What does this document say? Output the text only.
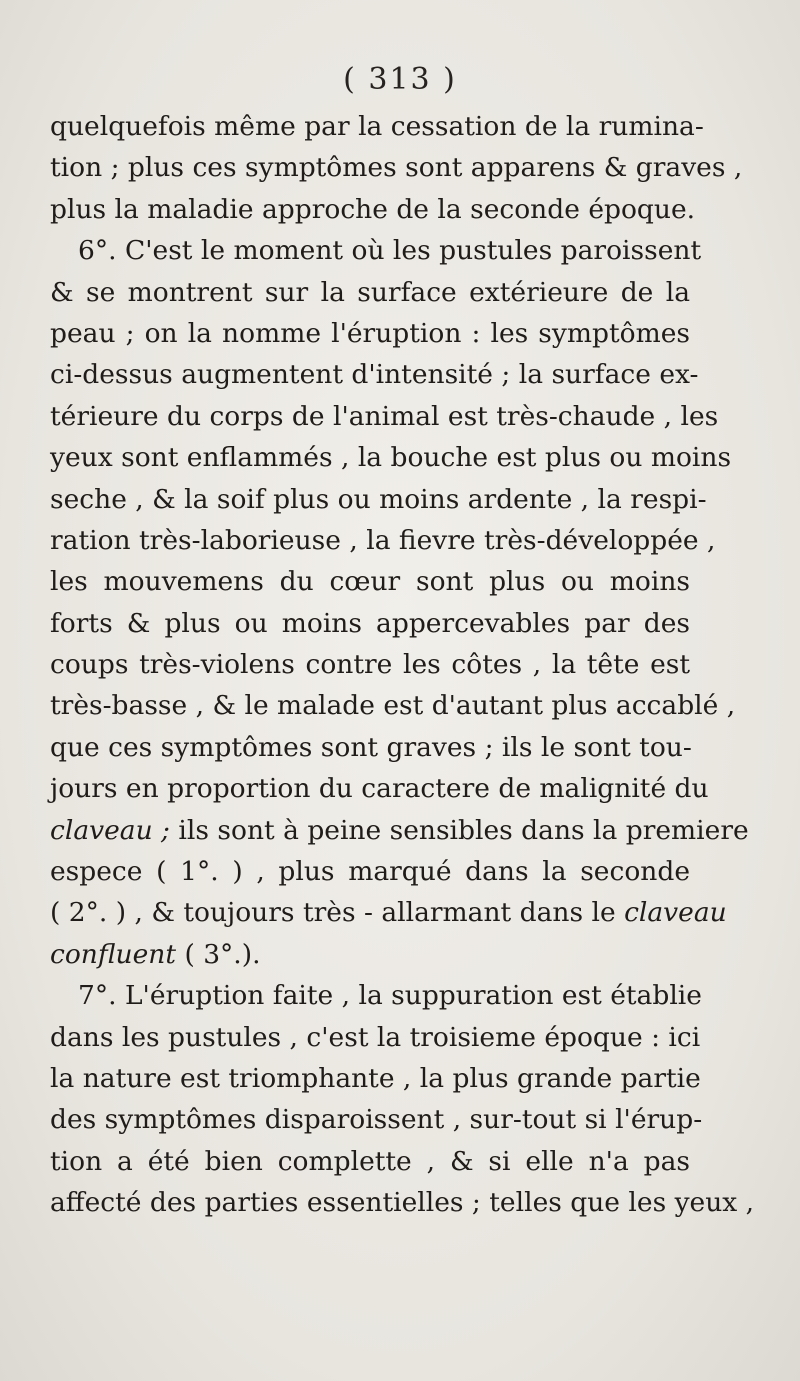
( 313 )
quelquefois même par la cessation de la rumina-
tion ; plus ces symptômes sont apparens & graves ,
plus la maladie approche de la seconde époque.
6°. C'est le moment où les pustules paroissent
& se montrent sur la surface extérieure de la
peau ; on la nomme l'éruption : les symptômes
ci-dessus augmentent d'intensité ; la surface ex-
térieure du corps de l'animal est très-chaude , les
yeux sont enflammés , la bouche est plus ou moins
seche , & la soif plus ou moins ardente , la respi-
ration très-laborieuse , la fievre très-développée ,
les mouvemens du cœur sont plus ou moins
forts & plus ou moins appercevables par des
coups très-violens contre les côtes , la tête est
très-basse , & le malade est d'autant plus accablé ,
que ces symptômes sont graves ; ils le sont tou-
jours en proportion du caractere de malignité du
claveau ; ils sont à peine sensibles dans la premiere
espece ( 1°. ) , plus marqué dans la seconde
( 2°. ) , & toujours très - allarmant dans le claveau
confluent ( 3°.).
7°. L'éruption faite , la suppuration est établie
dans les pustules , c'est la troisieme époque : ici
la nature est triomphante , la plus grande partie
des symptômes disparoissent , sur-tout si l'érup-
tion a été bien complette , & si elle n'a pas
affecté des parties essentielles ; telles que les yeux ,
